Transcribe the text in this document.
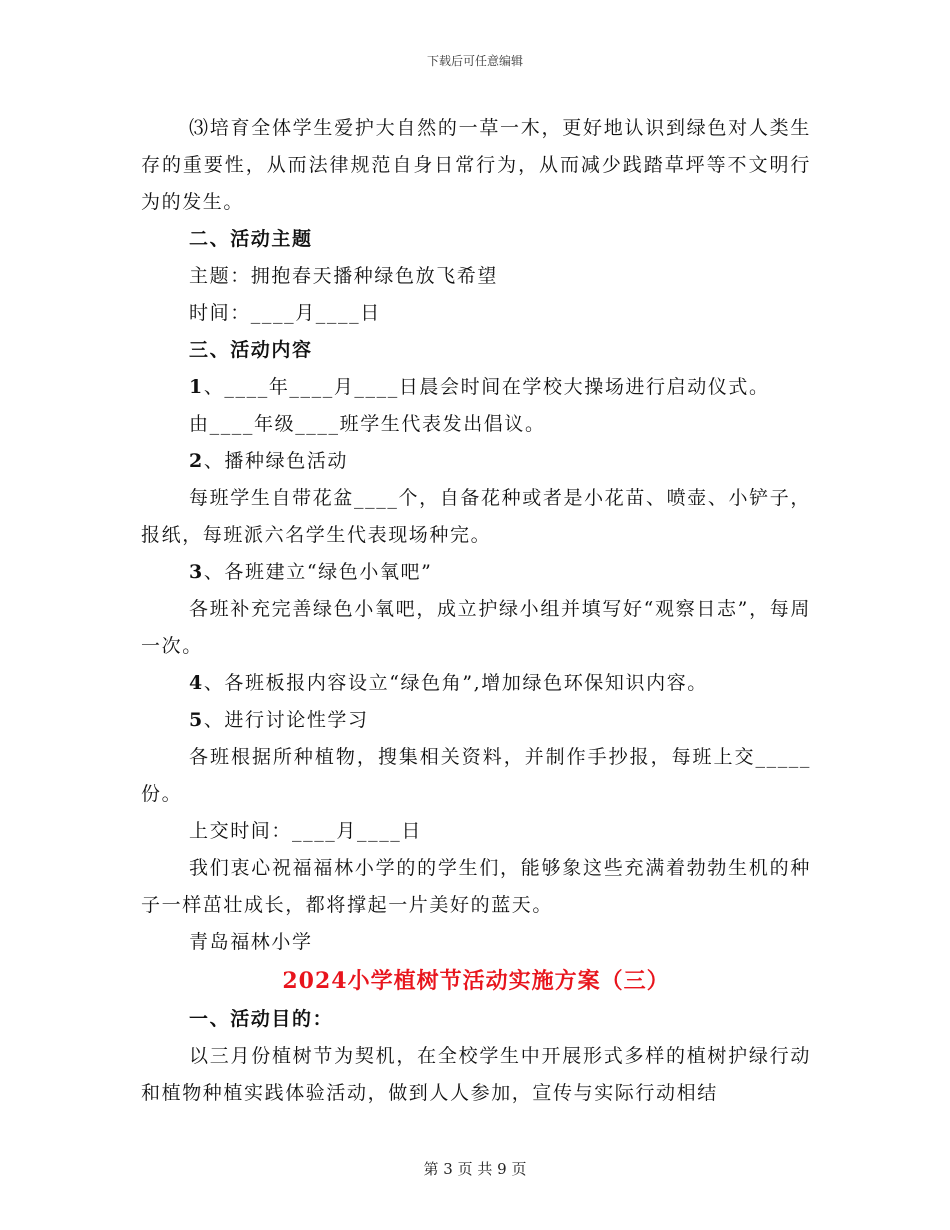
下载后可任意编辑

⑶培育全体学生爱护大自然的一草一木，更好地认识到绿色对人类生存的重要性，从而法律规范自身日常行为，从而减少践踏草坪等不文明行为的发生。

二、活动主题

主题：拥抱春天播种绿色放飞希望

时间：____月____日

三、活动内容

1、____年____月____日晨会时间在学校大操场进行启动仪式。

由____年级____班学生代表发出倡议。

2、播种绿色活动

每班学生自带花盆____个，自备花种或者是小花苗、喷壶、小铲子，报纸，每班派六名学生代表现场种完。

3、各班建立“绿色小氧吧”

各班补充完善绿色小氧吧，成立护绿小组并填写好“观察日志”，每周一次。

4、各班板报内容设立“绿色角”,增加绿色环保知识内容。

5、进行讨论性学习

各班根据所种植物，搜集相关资料，并制作手抄报，每班上交_____份。

上交时间：____月____日

我们衷心祝福福林小学的的学生们，能够象这些充满着勃勃生机的种子一样茁壮成长，都将撑起一片美好的蓝天。

青岛福林小学

2024小学植树节活动实施方案（三）

一、活动目的：

以三月份植树节为契机，在全校学生中开展形式多样的植树护绿行动和植物种植实践体验活动，做到人人参加，宣传与实际行动相结

第 3 页 共 9 页
